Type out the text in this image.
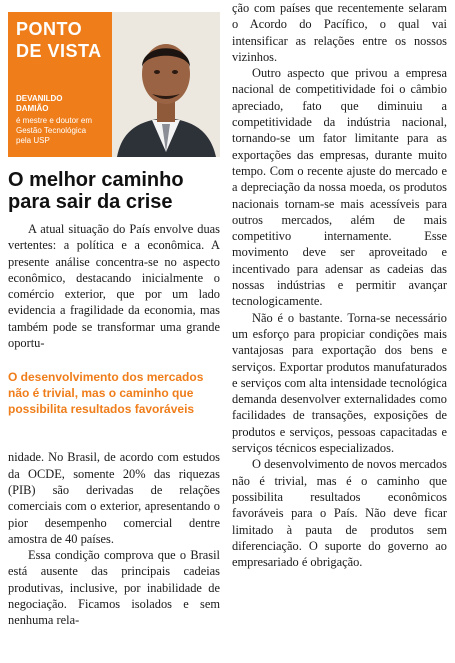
PONTO
DE VISTA
DEVANILDO
DAMIÃO
é mestre e doutor em
Gestão Tecnológica
pela USP
O melhor caminho
para sair da crise

A atual situação do País envolve duas vertentes: a política e a econômica. A presente análise concentra-se no aspecto econômico, destacando inicialmente o comércio exterior, que por um lado evidencia a fragilidade da economia, mas também pode se transformar uma grande oportu-

O desenvolvimento dos mercados não é trivial, mas o caminho que possibilita resultados favoráveis

nidade. No Brasil, de acordo com estudos da OCDE, somente 20% das riquezas (PIB) são derivadas de relações comerciais com o exterior, apresentando o pior desempenho comercial dentre amostra de 40 países.

Essa condição comprova que o Brasil está ausente das principais cadeias produtivas, inclusive, por inabilidade de negociação. Ficamos isolados e sem nenhuma rela-

ção com países que recentemente selaram o Acordo do Pacífico, o qual vai intensificar as relações entre os nossos vizinhos.

Outro aspecto que privou a empresa nacional de competitividade foi o câmbio apreciado, fato que diminuiu a competitividade da indústria nacional, tornando-se um fator limitante para as exportações das empresas, durante muito tempo. Com o recente ajuste do mercado e a depreciação da nossa moeda, os produtos nacionais tornam-se mais acessíveis para outros mercados, além de mais competitivo internamente. Esse movimento deve ser aproveitado e incentivado para adensar as cadeias das nossas indústrias e permitir avançar tecnologicamente.

Não é o bastante. Torna-se necessário um esforço para propiciar condições mais vantajosas para exportação dos bens e serviços. Exportar produtos manufaturados e serviços com alta intensidade tecnológica demanda desenvolver externalidades como facilidades de transações, exposições de produtos e serviços, pessoas capacitadas e serviços técnicos especializados.

O desenvolvimento de novos mercados não é trivial, mas é o caminho que possibilita resultados econômicos favoráveis para o País. Não deve ficar limitado à pauta de produtos sem diferenciação. O suporte do governo ao empresariado é obrigação.
